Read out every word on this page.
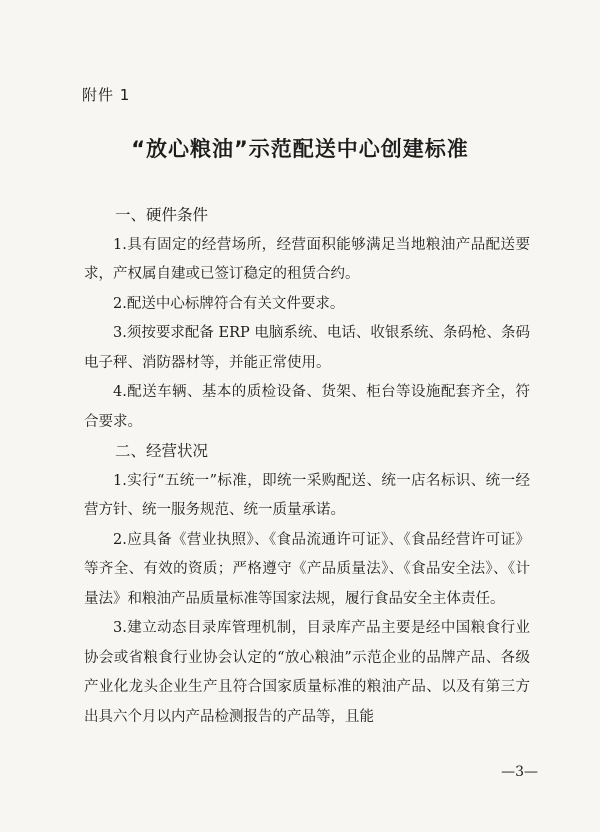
附件 1
“放心粮油”示范配送中心创建标准

一、硬件条件

1.具有固定的经营场所，经营面积能够满足当地粮油产品配送要求，产权属自建或已签订稳定的租赁合约。

2.配送中心标牌符合有关文件要求。

3.须按要求配备 ERP 电脑系统、电话、收银系统、条码枪、条码电子秤、消防器材等，并能正常使用。

4.配送车辆、基本的质检设备、货架、柜台等设施配套齐全，符合要求。

二、经营状况

1.实行“五统一”标准，即统一采购配送、统一店名标识、统一经营方针、统一服务规范、统一质量承诺。

2.应具备《营业执照》、《食品流通许可证》、《食品经营许可证》等齐全、有效的资质；严格遵守《产品质量法》、《食品安全法》、《计量法》和粮油产品质量标准等国家法规，履行食品安全主体责任。

3.建立动态目录库管理机制，目录库产品主要是经中国粮食行业协会或省粮食行业协会认定的“放心粮油”示范企业的品牌产品、各级产业化龙头企业生产且符合国家质量标准的粮油产品、以及有第三方出具六个月以内产品检测报告的产品等，且能

—3—
